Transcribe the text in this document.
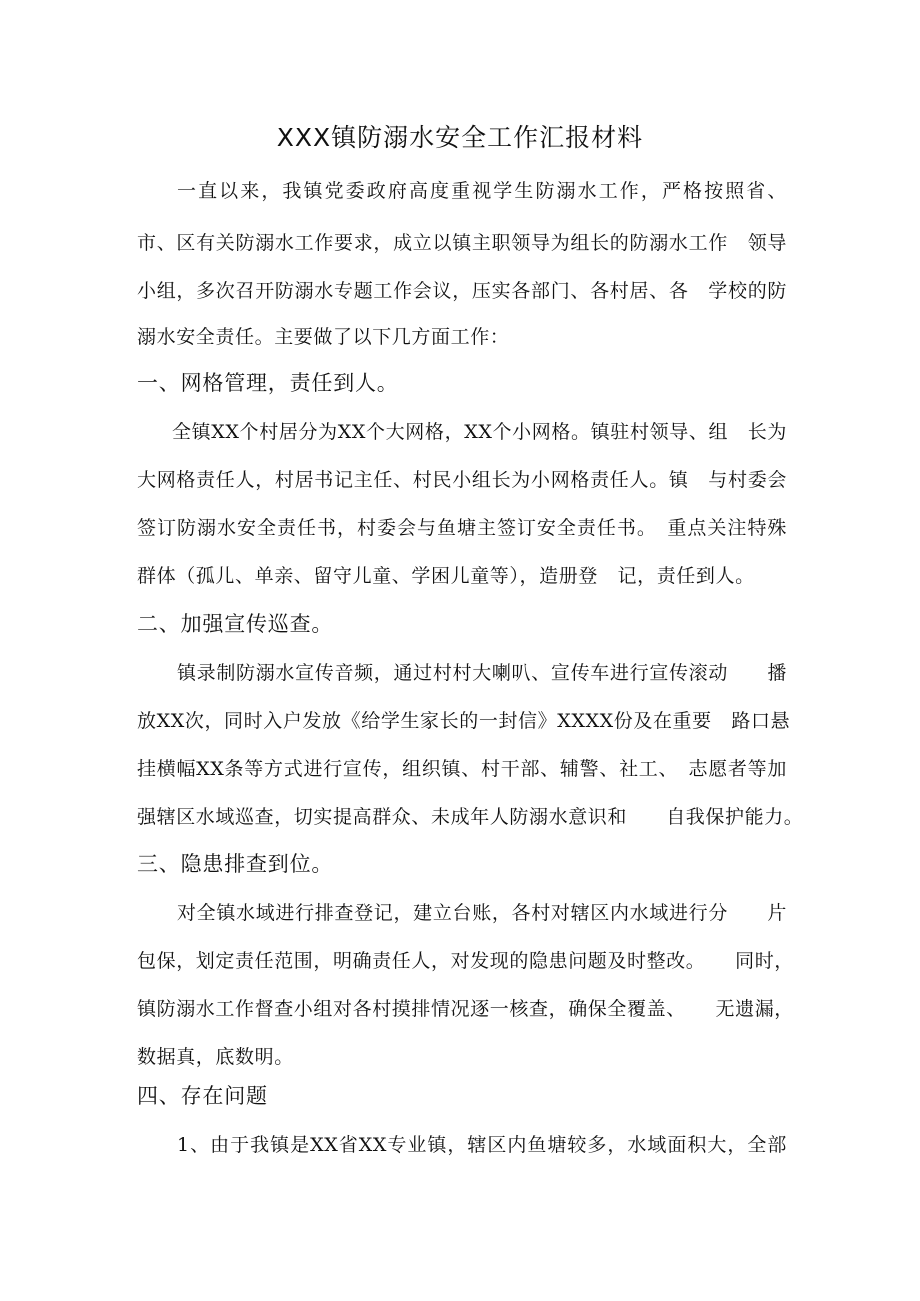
XXX镇防溺水安全工作汇报材料
一直以来，我镇党委政府高度重视学生防溺水工作，严格按照省、
市、区有关防溺水工作要求，成立以镇主职领导为组长的防溺水工作　领导
小组，多次召开防溺水专题工作会议，压实各部门、各村居、各　学校的防
溺水安全责任。主要做了以下几方面工作：
一、网格管理，责任到人。
全镇XX个村居分为XX个大网格，XX个小网格。镇驻村领导、组　长为
大网格责任人，村居书记主任、村民小组长为小网格责任人。镇　与村委会
签订防溺水安全责任书，村委会与鱼塘主签订安全责任书。　重点关注特殊
群体（孤儿、单亲、留守儿童、学困儿童等），造册登　记，责任到人。
二、加强宣传巡查。
镇录制防溺水宣传音频，通过村村大喇叭、宣传车进行宣传滚动　　播
放XX次，同时入户发放《给学生家长的一封信》XXXX份及在重要　路口悬
挂横幅XX条等方式进行宣传，组织镇、村干部、辅警、社工、　志愿者等加
强辖区水域巡查，切实提高群众、未成年人防溺水意识和　　自我保护能力。
三、隐患排查到位。
对全镇水域进行排查登记，建立台账，各村对辖区内水域进行分　　片
包保，划定责任范围，明确责任人，对发现的隐患问题及时整改。　　同时，
镇防溺水工作督查小组对各村摸排情况逐一核查，确保全覆盖、　　无遗漏，
数据真，底数明。
四、存在问题
1、由于我镇是XX省XX专业镇，辖区内鱼塘较多，水域面积大，全部
